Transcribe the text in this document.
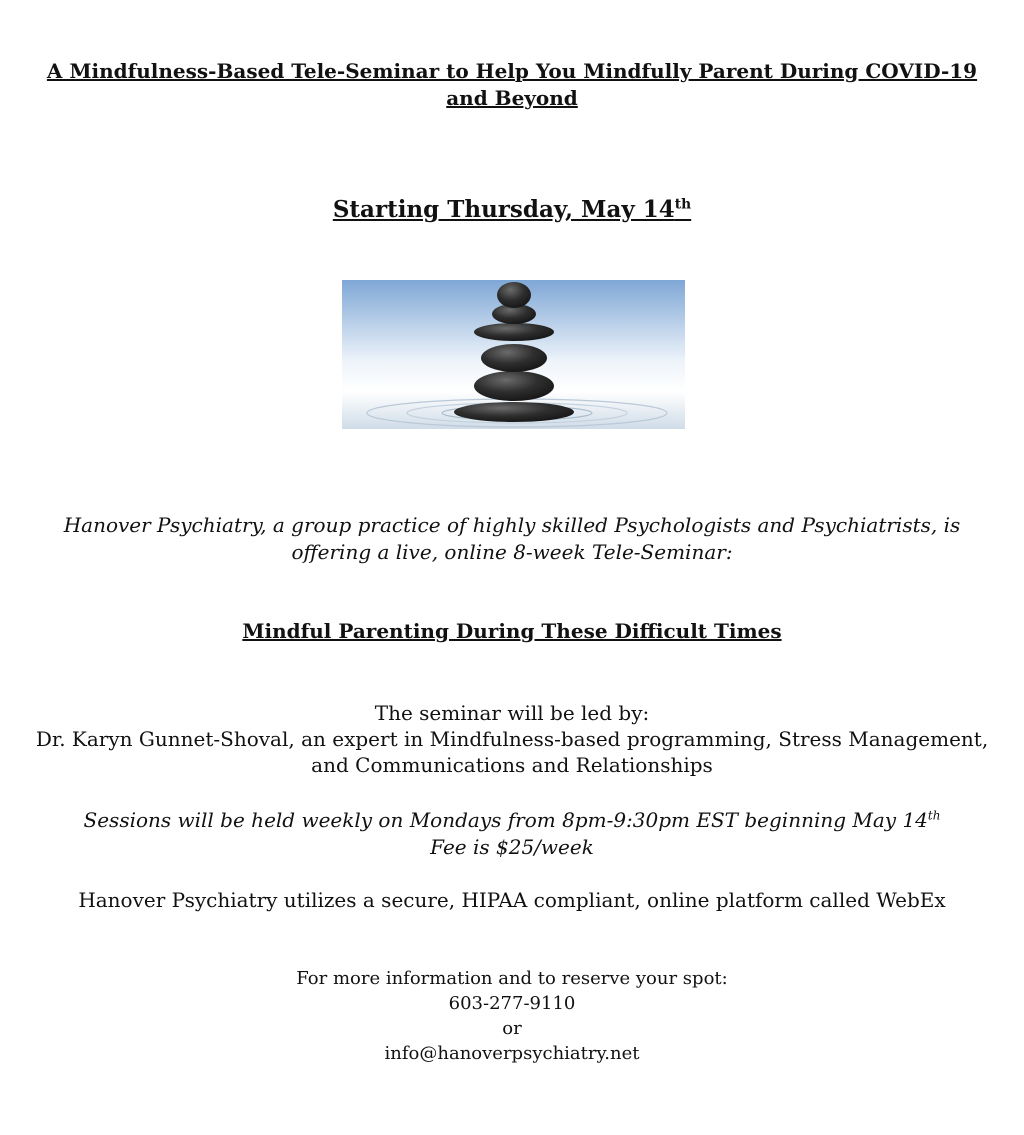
A Mindfulness-Based Tele-Seminar to Help You Mindfully Parent During COVID-19
and Beyond
Starting Thursday, May 14th
Hanover Psychiatry, a group practice of highly skilled Psychologists and Psychiatrists, is
offering a live, online 8-week Tele-Seminar:
Mindful Parenting During These Difficult Times
The seminar will be led by:
Dr. Karyn Gunnet-Shoval, an expert in Mindfulness-based programming, Stress Management,
and Communications and Relationships
Sessions will be held weekly on Mondays from 8pm-9:30pm EST beginning May 14th
Fee is $25/week
Hanover Psychiatry utilizes a secure, HIPAA compliant, online platform called WebEx
For more information and to reserve your spot:
603-277-9110
or
info@hanoverpsychiatry.net
